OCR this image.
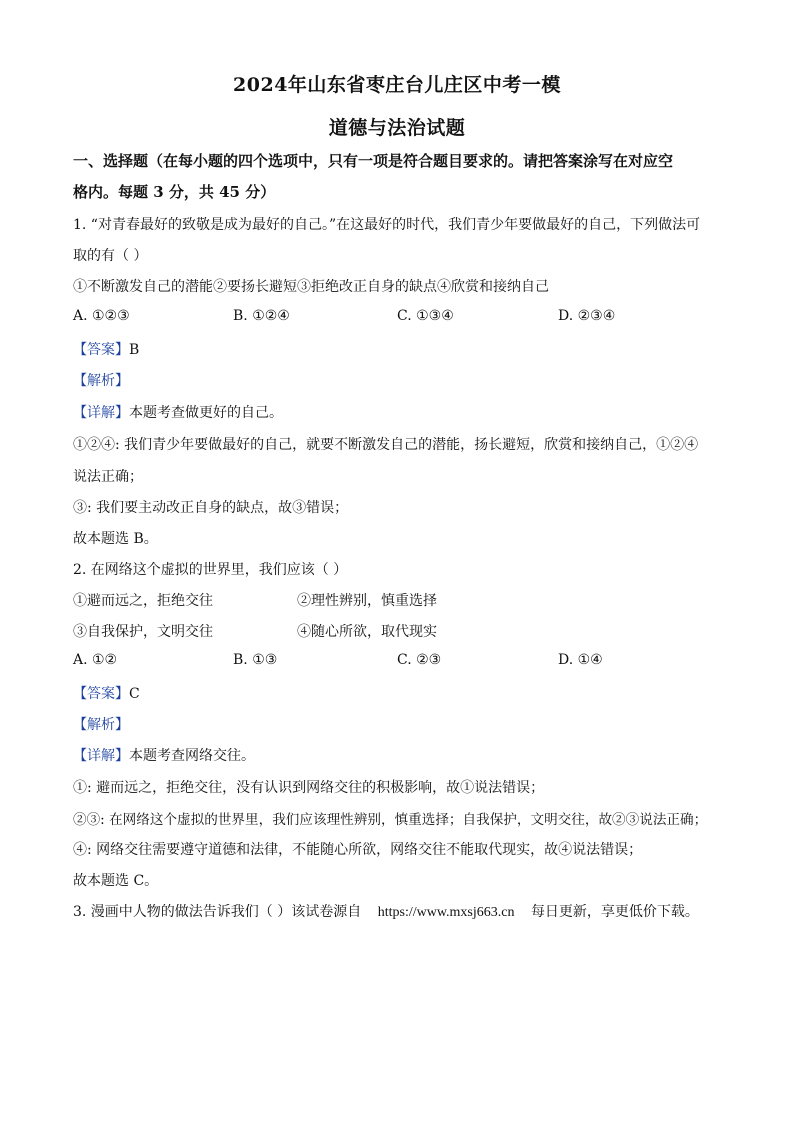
2024年山东省枣庄台儿庄区中考一模
道德与法治试题
一、选择题（在每小题的四个选项中，只有一项是符合题目要求的。请把答案涂写在对应空
格内。每题 3 分，共 45 分）
1. “对青春最好的致敬是成为最好的自己。”在这最好的时代，我们青少年要做最好的自己，下列做法可
取的有（ ）
①不断激发自己的潜能②要扬长避短③拒绝改正自身的缺点④欣赏和接纳自己
A. ①②③	B. ①②④	C. ①③④	D. ②③④
【答案】B
【解析】
【详解】本题考查做更好的自己。
①②④: 我们青少年要做最好的自己，就要不断激发自己的潜能，扬长避短，欣赏和接纳自己，①②④
说法正确；
③: 我们要主动改正自身的缺点，故③错误；
故本题选 B。
2. 在网络这个虚拟的世界里，我们应该（ ）
①避而远之，拒绝交往	②理性辨别，慎重选择
③自我保护，文明交往	④随心所欲，取代现实
A. ①②	B. ①③	C. ②③	D. ①④
【答案】C
【解析】
【详解】本题考查网络交往。
①: 避而远之，拒绝交往，没有认识到网络交往的积极影响，故①说法错误；
②③: 在网络这个虚拟的世界里，我们应该理性辨别，慎重选择；自我保护，文明交往，故②③说法正确；
④: 网络交往需要遵守道德和法律，不能随心所欲，网络交往不能取代现实，故④说法错误；
故本题选 C。
3. 漫画中人物的做法告诉我们（ ）该试卷源自 https://www.mxsj663.cn 每日更新，享更低价下载。
